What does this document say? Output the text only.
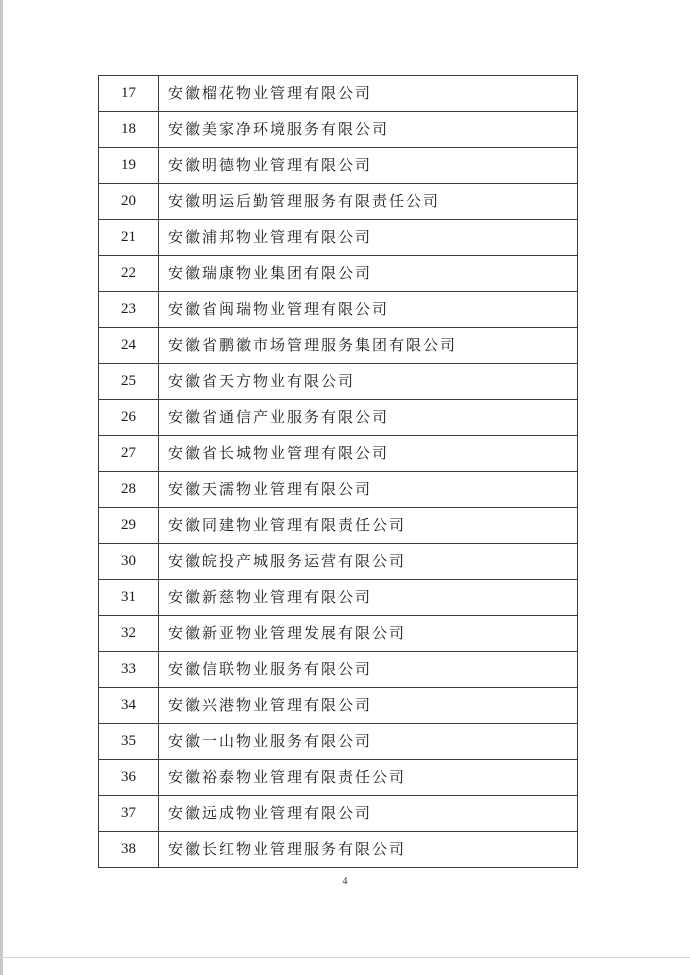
17	安徽榴花物业管理有限公司
18	安徽美家净环境服务有限公司
19	安徽明德物业管理有限公司
20	安徽明运后勤管理服务有限责任公司
21	安徽浦邦物业管理有限公司
22	安徽瑞康物业集团有限公司
23	安徽省闽瑞物业管理有限公司
24	安徽省鹏徽市场管理服务集团有限公司
25	安徽省天方物业有限公司
26	安徽省通信产业服务有限公司
27	安徽省长城物业管理有限公司
28	安徽天濡物业管理有限公司
29	安徽同建物业管理有限责任公司
30	安徽皖投产城服务运营有限公司
31	安徽新慈物业管理有限公司
32	安徽新亚物业管理发展有限公司
33	安徽信联物业服务有限公司
34	安徽兴港物业管理有限公司
35	安徽一山物业服务有限公司
36	安徽裕泰物业管理有限责任公司
37	安徽远成物业管理有限公司
38	安徽长红物业管理服务有限公司
4
